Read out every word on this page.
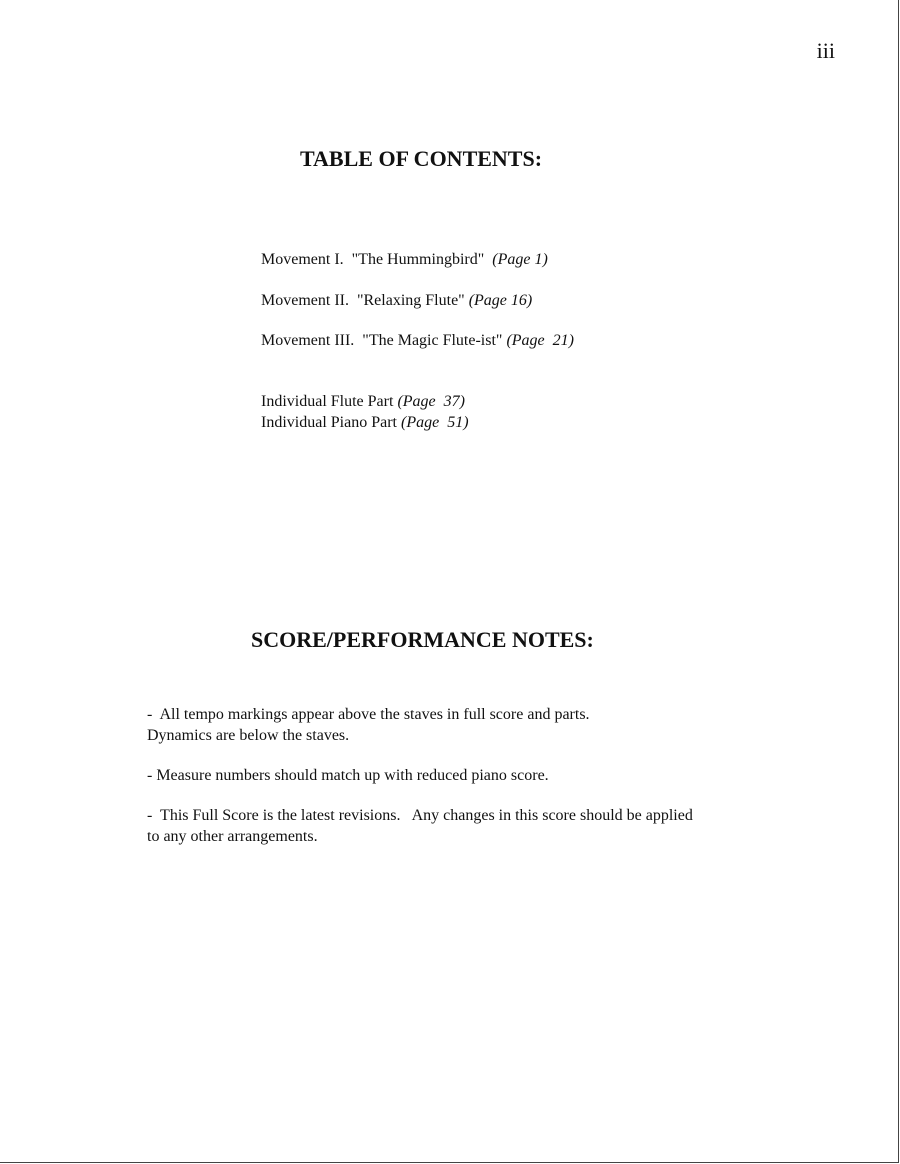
iii
TABLE OF CONTENTS:

Movement I.  "The Hummingbird"  (Page 1)

Movement II.  "Relaxing Flute" (Page 16)

Movement III.  "The Magic Flute-ist" (Page  21)

Individual Flute Part (Page  37)

Individual Piano Part (Page  51)

SCORE/PERFORMANCE NOTES:
-  All tempo markings appear above the staves in full score and parts.
Dynamics are below the staves.
- Measure numbers should match up with reduced piano score.
-  This Full Score is the latest revisions.   Any changes in this score should be applied
to any other arrangements.
